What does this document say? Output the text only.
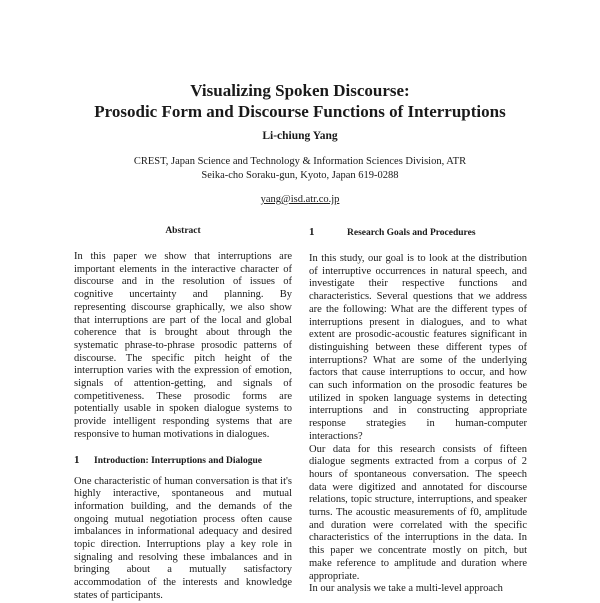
Visualizing Spoken Discourse:
Prosodic Form and Discourse Functions of Interruptions

Li-chiung Yang

CREST, Japan Science and Technology & Information Sciences Division, ATR

Seika-cho Soraku-gun, Kyoto, Japan 619-0288

yang@isd.atr.co.jp

Abstract

In this paper we show that interruptions are important elements in the interactive character of discourse and in the resolution of issues of cognitive uncertainty and planning. By representing discourse graphically, we also show that interruptions are part of the local and global coherence that is brought about through the systematic phrase-to-phrase prosodic patterns of discourse. The specific pitch height of the interruption varies with the expression of emotion, signals of attention-getting, and signals of competitiveness. These prosodic forms are potentially usable in spoken dialogue systems to provide intelligent responding systems that are responsive to human motivations in dialogues.

1	Introduction: Interruptions and Dialogue

One characteristic of human conversation is that it's highly interactive, spontaneous and mutual information building, and the demands of the ongoing mutual negotiation process often cause imbalances in informational adequacy and desired topic direction. Interruptions play a key role in signaling and resolving these imbalances and in bringing about a mutually satisfactory accommodation of the interests and knowledge states of participants.

1	Research Goals and Procedures

In this study, our goal is to look at the distribution of interruptive occurrences in natural speech, and investigate their respective functions and characteristics. Several questions that we address are the following: What are the different types of interruptions present in dialogues, and to what extent are prosodic-acoustic features significant in distinguishing between these different types of interruptions? What are some of the underlying factors that cause interruptions to occur, and how can such information on the prosodic features be utilized in spoken language systems in detecting interruptions and in constructing appropriate response strategies in human-computer interactions?

Our data for this research consists of fifteen dialogue segments extracted from a corpus of 2 hours of spontaneous conversation. The speech data were digitized and annotated for discourse relations, topic structure, interruptions, and speaker turns. The acoustic measurements of f0, amplitude and duration were correlated with the specific characteristics of the interruptions in the data. In this paper we concentrate mostly on pitch, but make reference to amplitude and duration where appropriate.

In our analysis we take a multi-level approach
